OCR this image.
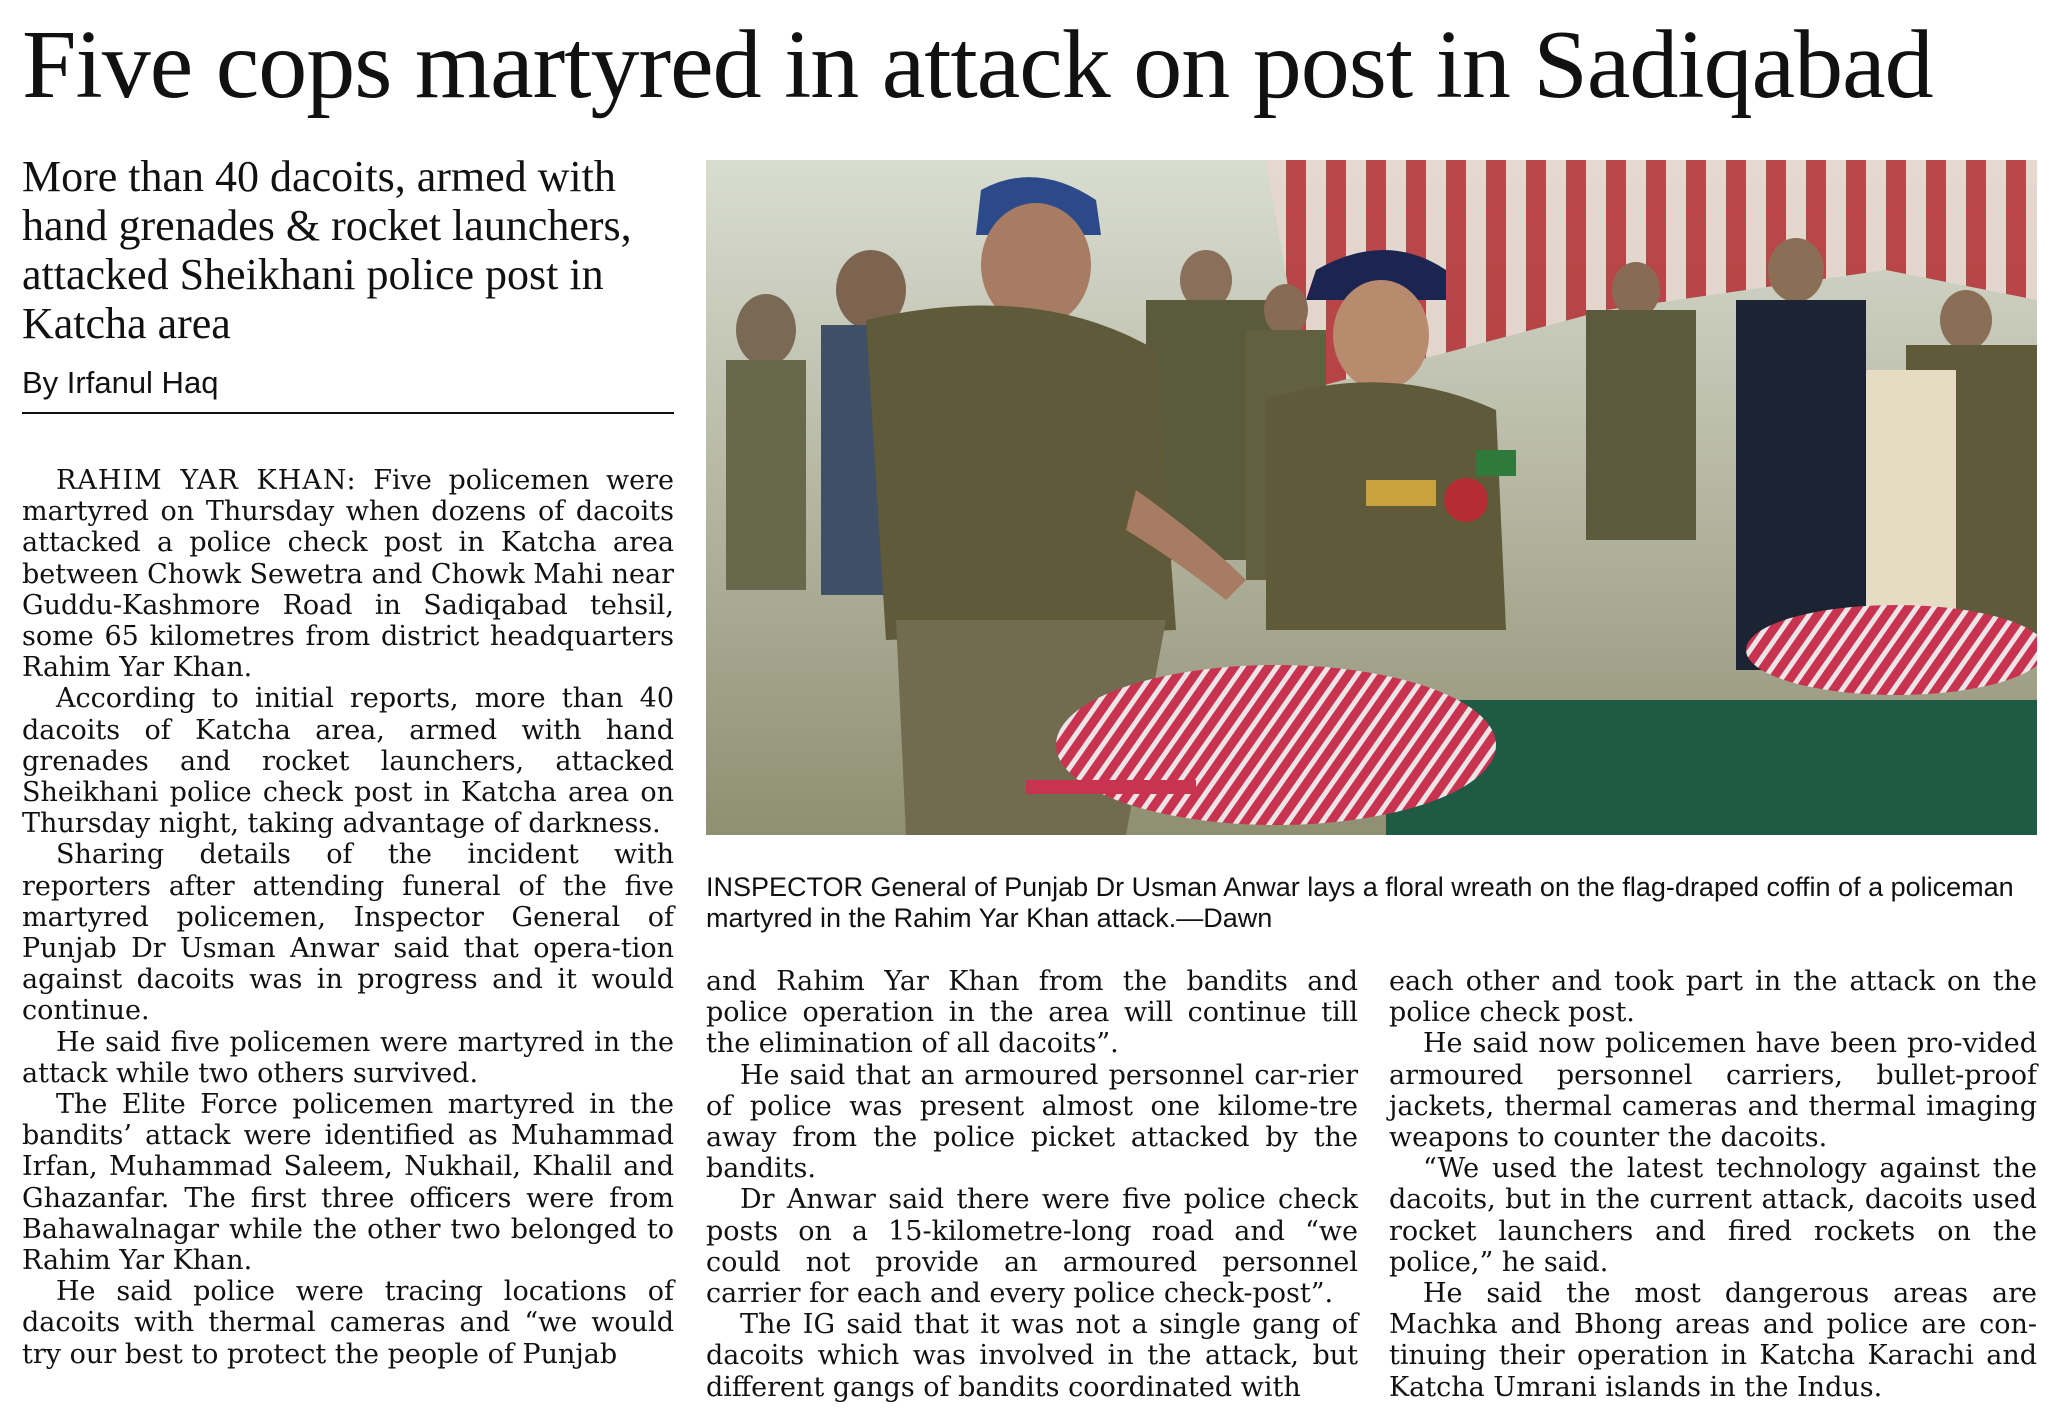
Five cops martyred in attack on post in Sadiqabad
More than 40 dacoits, armed with hand grenades & rocket launchers, attacked Sheikhani police post in Katcha area
By Irfanul Haq
INSPECTOR General of Punjab Dr Usman Anwar lays a floral wreath on the flag-draped coffin of a policeman martyred in the Rahim Yar Khan attack.—Dawn

RAHIM YAR KHAN: Five policemen were martyred on Thursday when dozens of dacoits attacked a police check post in Katcha area between Chowk Sewetra and Chowk Mahi near Guddu-Kashmore Road in Sadiqabad tehsil, some 65 kilometres from district headquarters Rahim Yar Khan.

According to initial reports, more than 40 dacoits of Katcha area, armed with hand grenades and rocket launchers, attacked Sheikhani police check post in Katcha area on Thursday night, taking advantage of darkness.

Sharing details of the incident with reporters after attending funeral of the five martyred policemen, Inspector General of Punjab Dr Usman Anwar said that opera-tion against dacoits was in progress and it would continue.

He said five policemen were martyred in the attack while two others survived.

The Elite Force policemen martyred in the bandits’ attack were identified as Muhammad Irfan, Muhammad Saleem, Nukhail, Khalil and Ghazanfar. The first three officers were from Bahawalnagar while the other two belonged to Rahim Yar Khan.

He said police were tracing locations of dacoits with thermal cameras and “we would try our best to protect the people of Punjab

and Rahim Yar Khan from the bandits and police operation in the area will continue till the elimination of all dacoits”.

He said that an armoured personnel car-rier of police was present almost one kilome-tre away from the police picket attacked by the bandits.

Dr Anwar said there were five police check posts on a 15-kilometre-long road and “we could not provide an armoured personnel carrier for each and every police check-post”.

The IG said that it was not a single gang of dacoits which was involved in the attack, but different gangs of bandits coordinated with

each other and took part in the attack on the police check post.

He said now policemen have been pro-vided armoured personnel carriers, bullet-proof jackets, thermal cameras and thermal imaging weapons to counter the dacoits.

“We used the latest technology against the dacoits, but in the current attack, dacoits used rocket launchers and fired rockets on the police,” he said.

He said the most dangerous areas are Machka and Bhong areas and police are con-tinuing their operation in Katcha Karachi and Katcha Umrani islands in the Indus.
